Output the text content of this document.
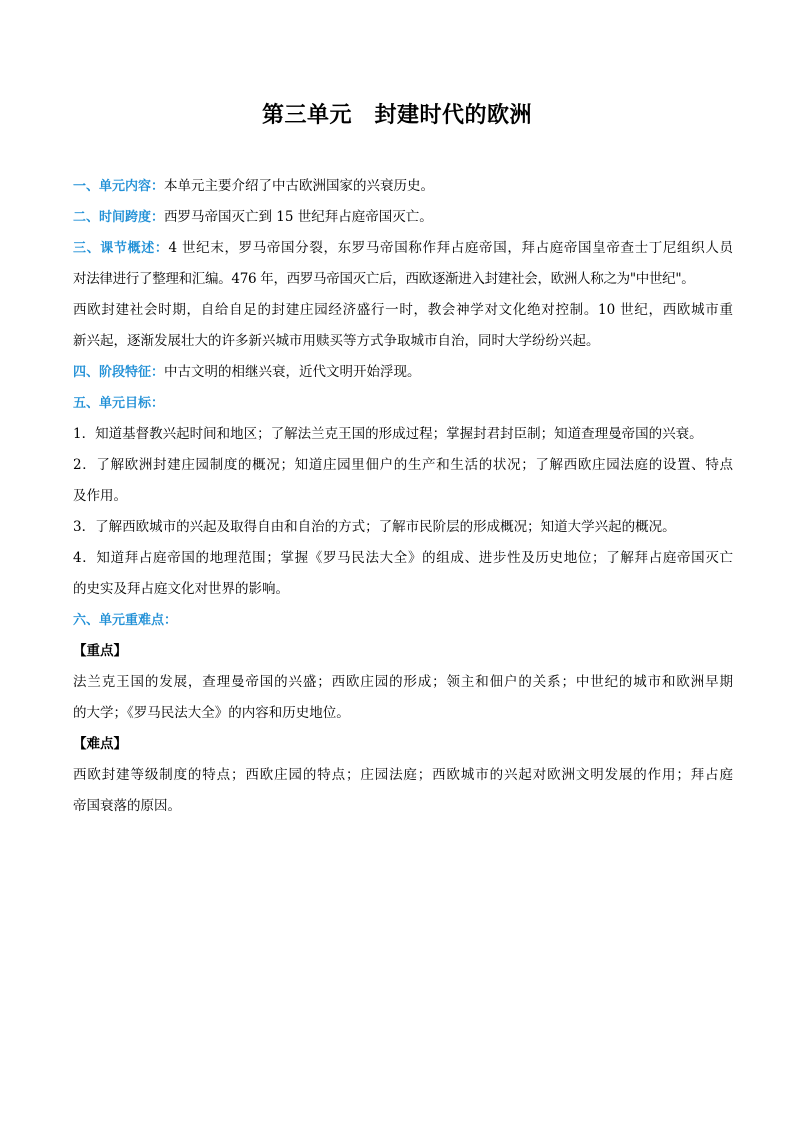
第三单元　封建时代的欧洲
一、单元内容：本单元主要介绍了中古欧洲国家的兴衰历史。
二、时间跨度：西罗马帝国灭亡到 15 世纪拜占庭帝国灭亡。
三、课节概述：4 世纪末，罗马帝国分裂，东罗马帝国称作拜占庭帝国，拜占庭帝国皇帝查士丁尼组织人员
对法律进行了整理和汇编。476 年，西罗马帝国灭亡后，西欧逐渐进入封建社会，欧洲人称之为"中世纪"。
西欧封建社会时期，自给自足的封建庄园经济盛行一时，教会神学对文化绝对控制。10 世纪，西欧城市重
新兴起，逐渐发展壮大的许多新兴城市用赎买等方式争取城市自治，同时大学纷纷兴起。
四、阶段特征：中古文明的相继兴衰，近代文明开始浮现。
五、单元目标：
1．知道基督教兴起时间和地区；了解法兰克王国的形成过程；掌握封君封臣制；知道查理曼帝国的兴衰。
2．了解欧洲封建庄园制度的概况；知道庄园里佃户的生产和生活的状况；了解西欧庄园法庭的设置、特点
及作用。
3．了解西欧城市的兴起及取得自由和自治的方式；了解市民阶层的形成概况；知道大学兴起的概况。
4．知道拜占庭帝国的地理范围；掌握《罗马民法大全》的组成、进步性及历史地位；了解拜占庭帝国灭亡
的史实及拜占庭文化对世界的影响。
六、单元重难点：
【重点】
法兰克王国的发展，查理曼帝国的兴盛；西欧庄园的形成；领主和佃户的关系；中世纪的城市和欧洲早期
的大学；《罗马民法大全》的内容和历史地位。
【难点】
西欧封建等级制度的特点；西欧庄园的特点；庄园法庭；西欧城市的兴起对欧洲文明发展的作用；拜占庭
帝国衰落的原因。
